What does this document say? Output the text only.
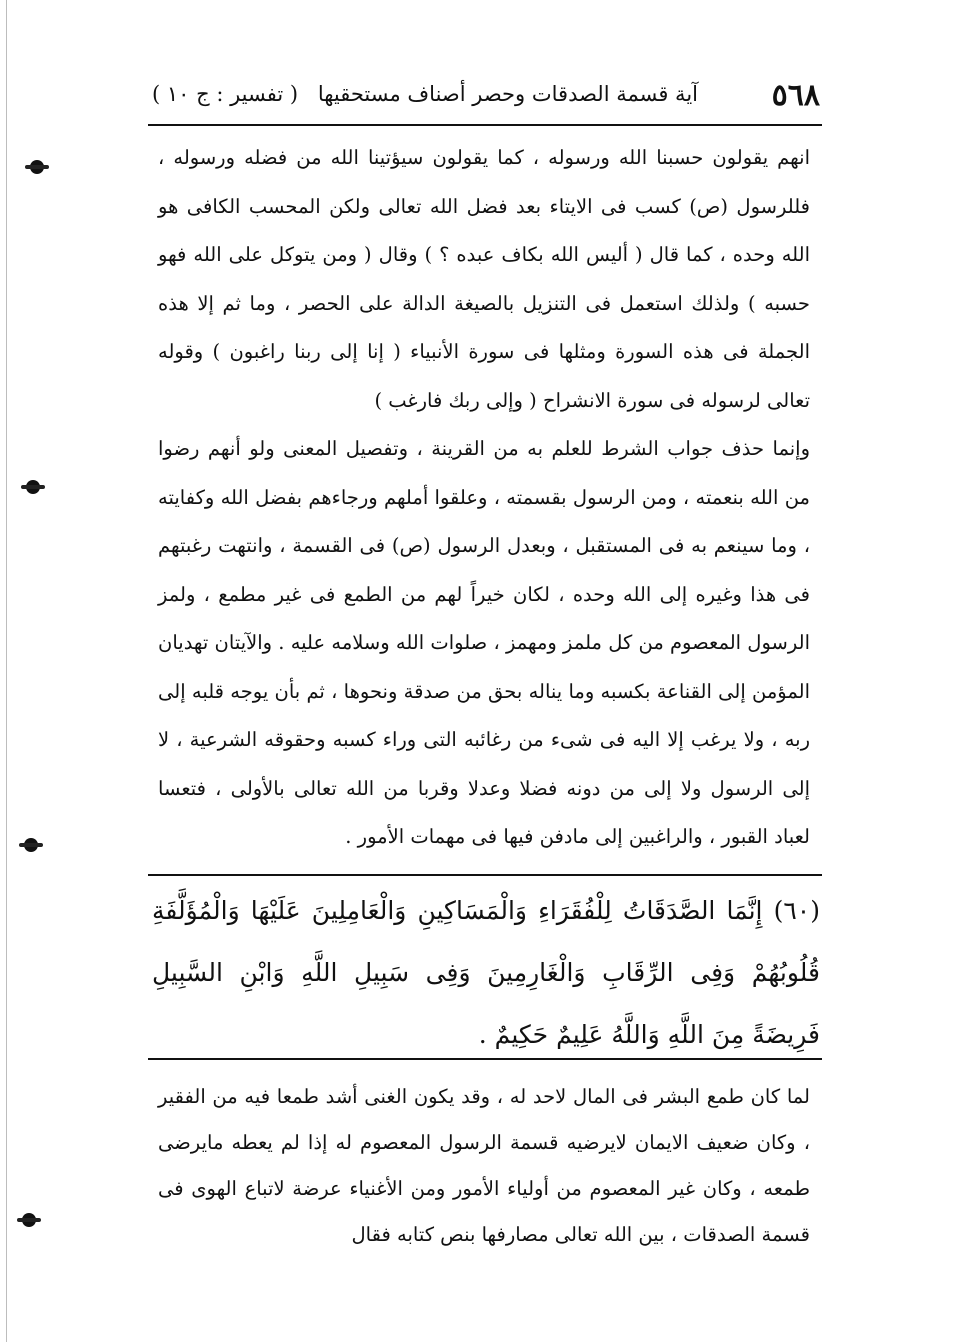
٥٦٨
آية قسمة الصدقات وحصر أصناف مستحقيها
( تفسير : ج ١٠ )

انهم يقولون حسبنا الله ورسوله ، كما يقولون سيؤتينا الله من فضله ورسوله ، فللرسول (ص) كسب فى الايتاء بعد فضل الله تعالى ولكن المحسب الكافى هو الله وحده ، كما قال ( أليس الله بكاف عبده ؟ ) وقال ( ومن يتوكل على الله فهو حسبه ) ولذلك استعمل فى التنزيل بالصيغة الدالة على الحصر ، وما ثم إلا هذه الجملة فى هذه السورة ومثلها فى سورة الأنبياء ( إنا إلى ربنا راغبون ) وقوله تعالى لرسوله فى سورة الانشراح ( وإلى ربك فارغب )

وإنما حذف جواب الشرط للعلم به من القرينة ، وتفصيل المعنى ولو أنهم رضوا من الله بنعمته ، ومن الرسول بقسمته ، وعلقوا أملهم ورجاءهم بفضل الله وكفايته ، وما سينعم به فى المستقبل ، وبعدل الرسول (ص) فى القسمة ، وانتهت رغبتهم فى هذا وغيره إلى الله وحده ، لكان خيراً لهم من الطمع فى غير مطمع ، ولمز الرسول المعصوم من كل ملمز ومهمز ، صلوات الله وسلامه عليه . والآيتان تهديان المؤمن إلى القناعة بكسبه وما يناله بحق من صدقة ونحوها ، ثم بأن يوجه قلبه إلى ربه ، ولا يرغب إلا اليه فى شىء من رغائبه التى وراء كسبه وحقوقه الشرعية ، لا إلى الرسول ولا إلى من دونه فضلا وعدلا وقربا من الله تعالى بالأولى ، فتعسا لعباد القبور ، والراغبين إلى مادفن فيها فى مهمات الأمور .

(٦٠) إِنَّمَا الصَّدَقَاتُ لِلْفُقَرَاءِ وَالْمَسَاكِينِ وَالْعَامِلِينَ عَلَيْهَا وَالْمُؤَلَّفَةِ قُلُوبُهُمْ وَفِى الرِّقَابِ وَالْغَارِمِينَ وَفِى سَبِيلِ اللَّهِ وَابْنِ السَّبِيلِ فَرِيضَةً مِنَ اللَّهِ وَاللَّهُ عَلِيمٌ حَكِيمٌ .
لما كان طمع البشر فى المال لاحد له ، وقد يكون الغنى أشد طمعا فيه من الفقير ، وكان ضعيف الايمان لايرضيه قسمة الرسول المعصوم له إذا لم يعطه مايرضى طمعه ، وكان غير المعصوم من أولياء الأمور ومن الأغنياء عرضة لاتباع الهوى فى قسمة الصدقات ، بين الله تعالى مصارفها بنص كتابه فقال
